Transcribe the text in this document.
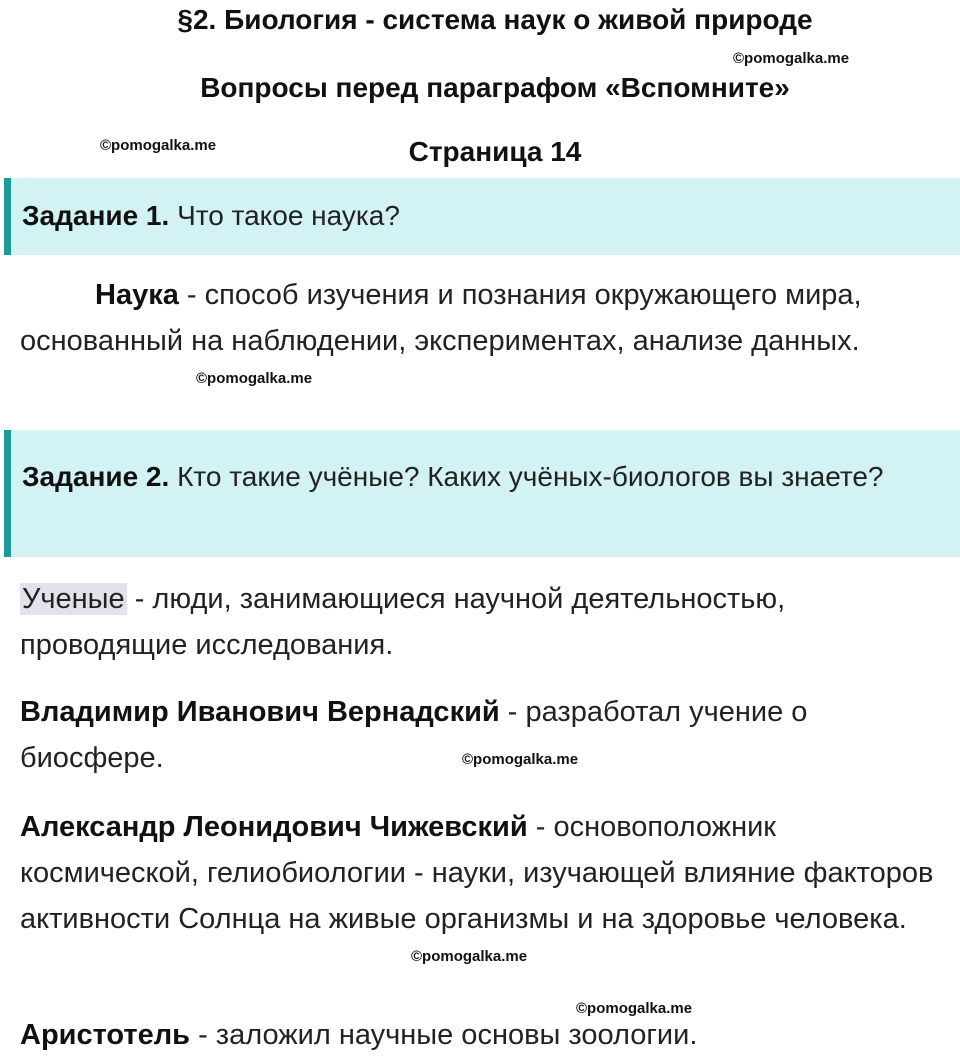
§2. Биология - система наук о живой природе
©pomogalka.me
Вопросы перед параграфом «Вспомните»
©pomogalka.me	Страница 14
Задание 1. Что такое наука?
Наука - способ изучения и познания окружающего мира, основанный на наблюдении, экспериментах, анализе данных.
©pomogalka.me
Задание 2. Кто такие учёные? Каких учёных-биологов вы знаете?
Ученые - люди, занимающиеся научной деятельностью, проводящие исследования.
Владимир Иванович Вернадский - разработал учение о биосфере.	©pomogalka.me
Александр Леонидович Чижевский - основоположник космической, гелиобиологии - науки, изучающей влияние факторов активности Солнца на живые организмы и на здоровье человека.
©pomogalka.me
©pomogalka.me
Аристотель - заложил научные основы зоологии.
